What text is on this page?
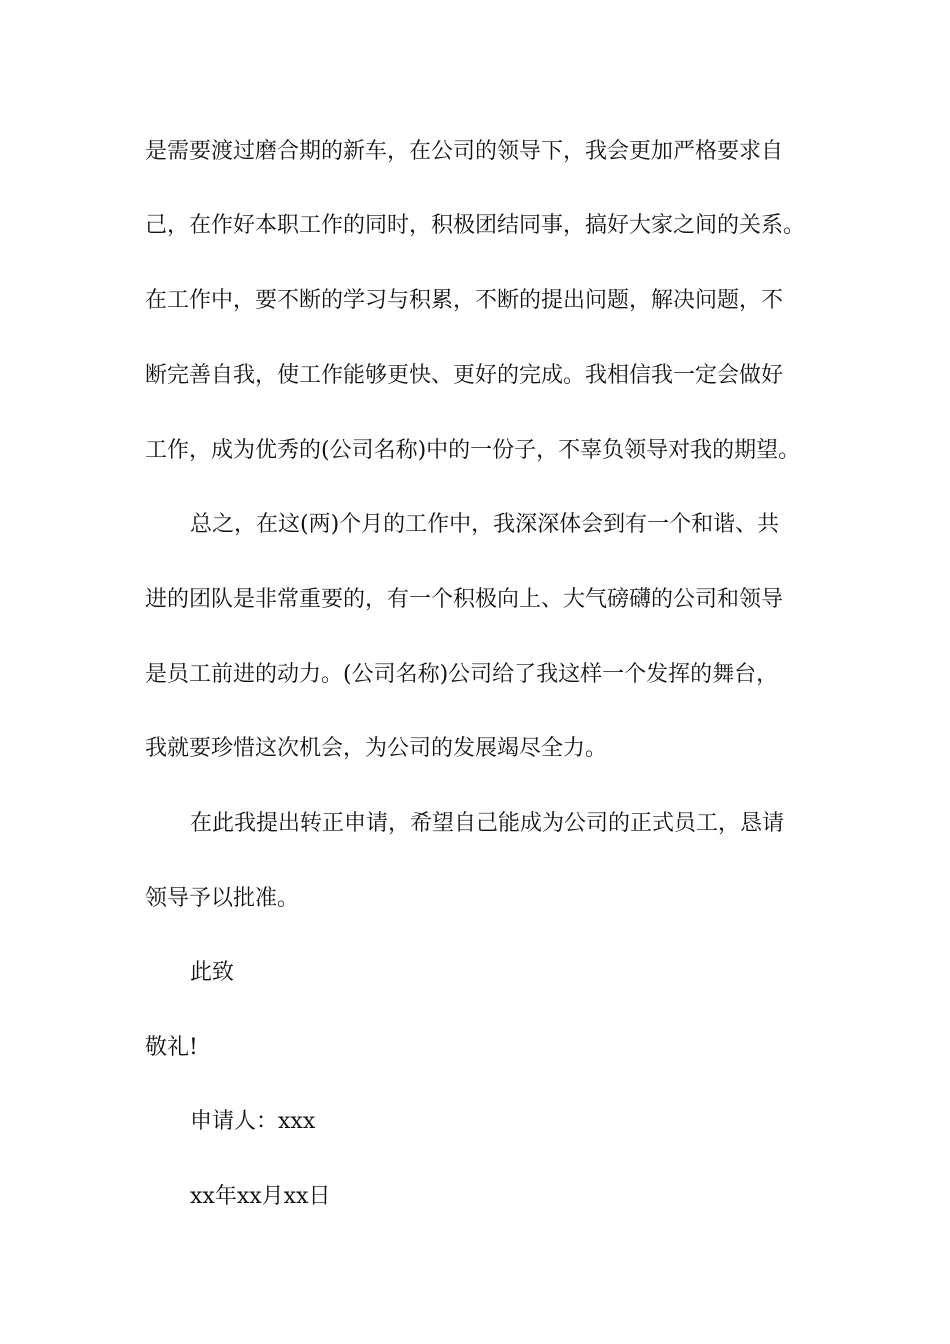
是需要渡过磨合期的新车，在公司的领导下，我会更加严格要求自
己，在作好本职工作的同时，积极团结同事，搞好大家之间的关系。
在工作中，要不断的学习与积累，不断的提出问题，解决问题，不
断完善自我，使工作能够更快、更好的完成。我相信我一定会做好
工作，成为优秀的(公司名称)中的一份子，不辜负领导对我的期望。
总之，在这(两)个月的工作中，我深深体会到有一个和谐、共
进的团队是非常重要的，有一个积极向上、大气磅礴的公司和领导
是员工前进的动力。(公司名称)公司给了我这样一个发挥的舞台，
我就要珍惜这次机会，为公司的发展竭尽全力。
在此我提出转正申请，希望自己能成为公司的正式员工，恳请
领导予以批准。
此致
敬礼!
申请人：xxx
xx年xx月xx日
